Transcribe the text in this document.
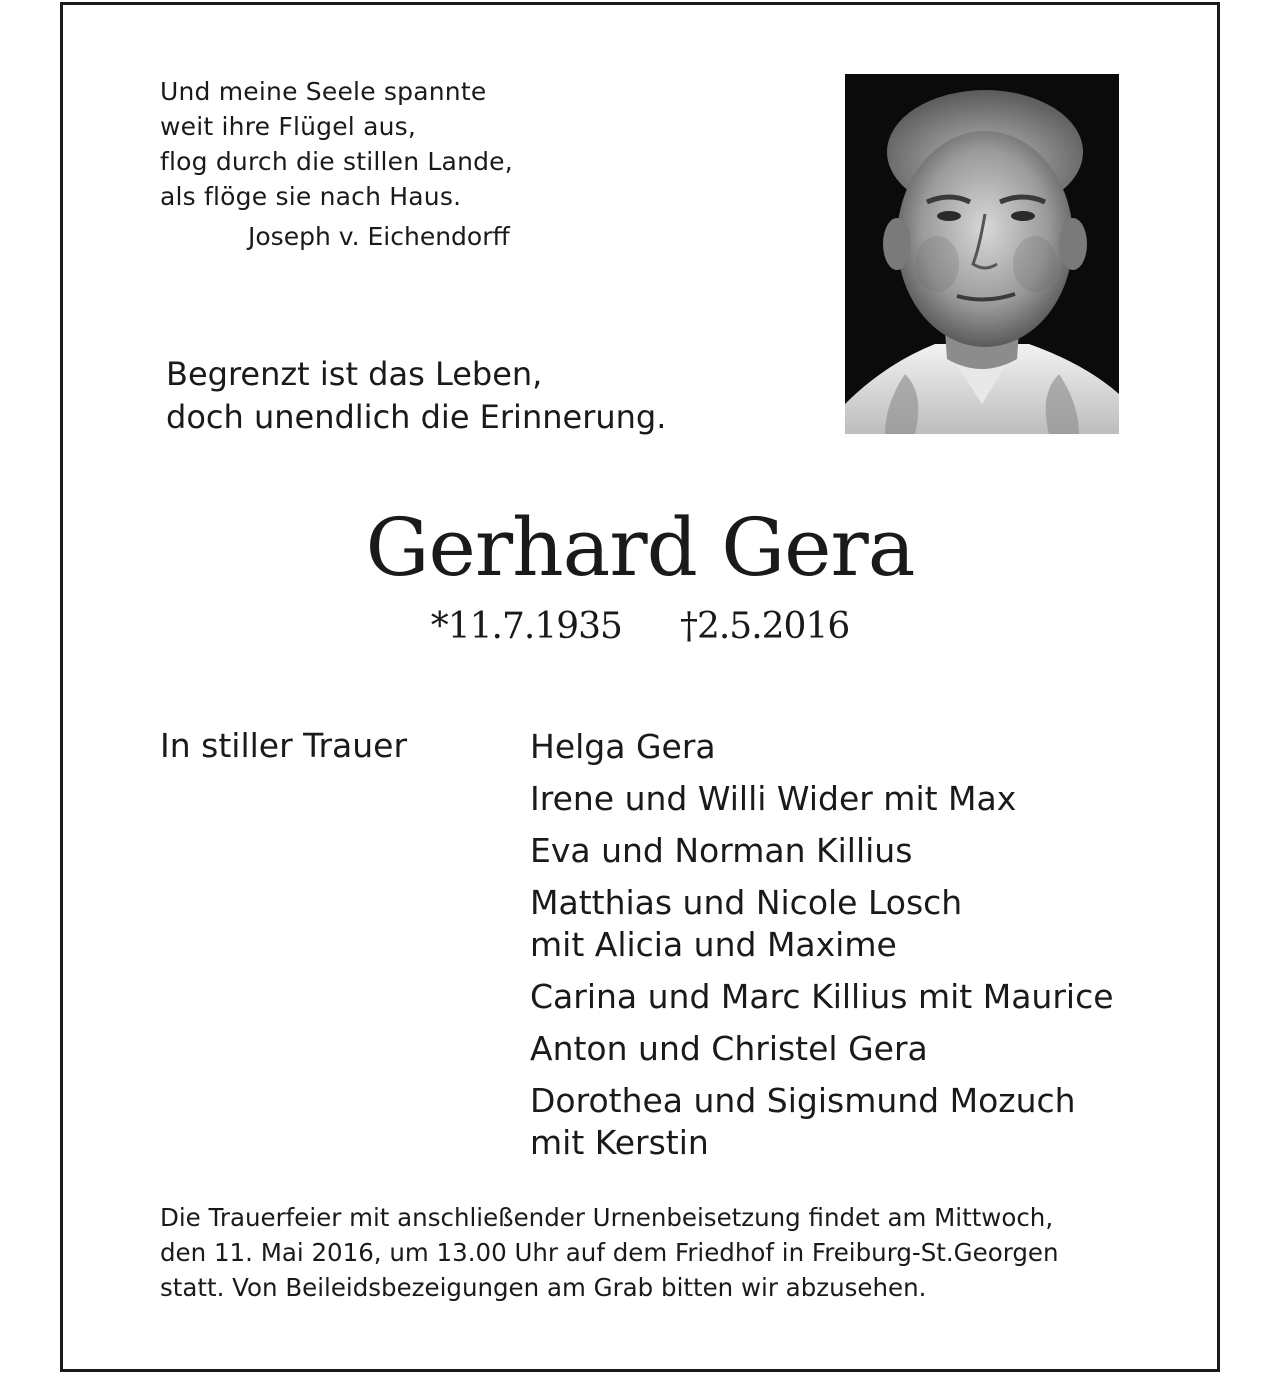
Und meine Seele spannte
weit ihre Flügel aus,
flog durch die stillen Lande,
als flöge sie nach Haus.
Joseph v. Eichendorff
Begrenzt ist das Leben,
doch unendlich die Erinnerung.
Gerhard Gera
*11.7.1935 †2.5.2016
In stiller Trauer	Helga Gera
Irene und Willi Wider mit Max
Eva und Norman Killius
Matthias und Nicole Losch
mit Alicia und Maxime
Carina und Marc Killius mit Maurice
Anton und Christel Gera
Dorothea und Sigismund Mozuch
mit Kerstin
Die Trauerfeier mit anschließender Urnenbeisetzung findet am Mittwoch,
den 11. Mai 2016, um 13.00 Uhr auf dem Friedhof in Freiburg-St.Georgen
statt. Von Beileidsbezeigungen am Grab bitten wir abzusehen.
